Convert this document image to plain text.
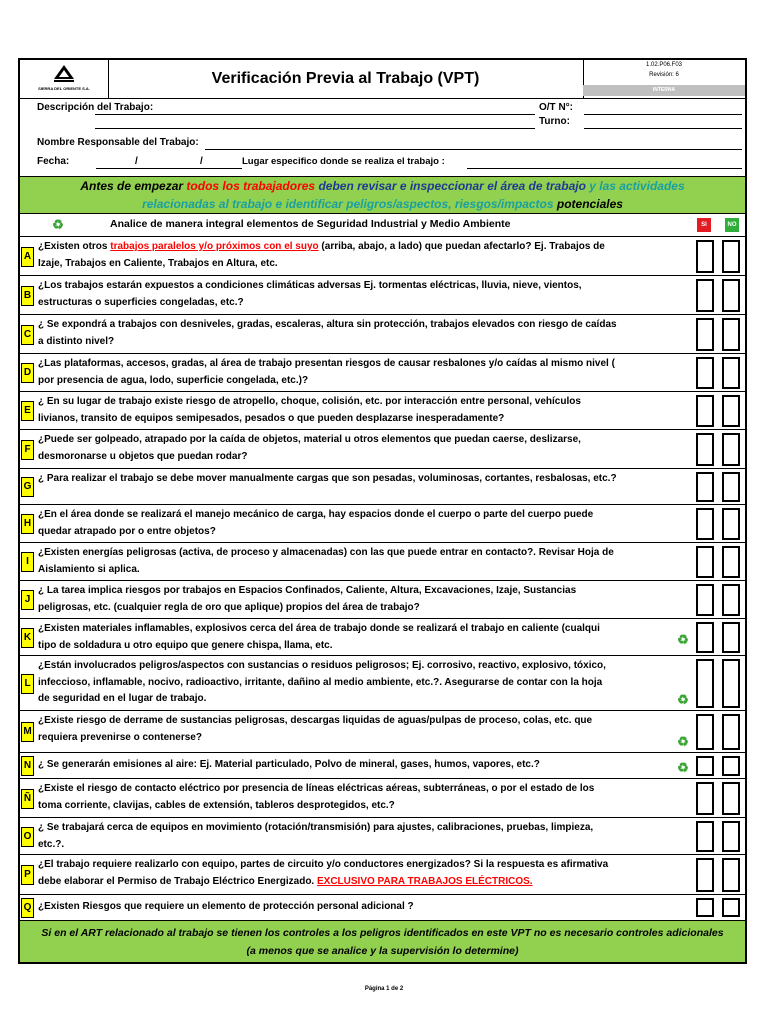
SIERRA DEL ORIENTE S.A.
Verificación Previa al Trabajo (VPT)
1.02.P06.F03
Revisión: 6
INTERNA
Descripción del Trabajo:	O/T N°:
Turno:
Nombre Responsable del Trabajo:
Fecha:	/	/	Lugar especifico donde se realiza el trabajo :
Antes de empezar todos los trabajadores deben revisar e inspeccionar el área de trabajo y las actividades
relacionadas al trabajo e identificar peligros/aspectos, riesgos/impactos potenciales
♻	Analice de manera integral elementos de Seguridad Industrial y Medio Ambiente	SI	NO
A
¿Existen otros trabajos paralelos y/o próximos con el suyo (arriba, abajo, a lado) que puedan afectarlo? Ej. Trabajos de
Izaje, Trabajos en Caliente, Trabajos en Altura, etc.
B
¿Los trabajos estarán expuestos a condiciones climáticas adversas Ej. tormentas eléctricas, lluvia, nieve, vientos,
estructuras o superficies congeladas, etc.?
C
¿ Se expondrá a trabajos con desniveles, gradas, escaleras, altura sin protección, trabajos elevados con riesgo de caídas
a distinto nivel?
D
¿Las plataformas, accesos, gradas, al área de trabajo presentan riesgos de causar resbalones y/o caídas al mismo nivel (
por presencia de agua, lodo, superficie congelada, etc.)?
E
¿ En su lugar de trabajo existe riesgo de atropello, choque, colisión, etc. por interacción entre personal, vehículos
livianos, transito de equipos semipesados, pesados o que pueden desplazarse inesperadamente?
F
¿Puede ser golpeado, atrapado por la caída de objetos, material u otros elementos que puedan caerse, deslizarse,
desmoronarse u objetos que puedan rodar?
G
¿ Para realizar el trabajo se debe mover manualmente cargas que son pesadas, voluminosas, cortantes, resbalosas, etc.?
H
¿En el área donde se realizará el manejo mecánico de carga, hay espacios donde el cuerpo o parte del cuerpo puede
quedar atrapado por o entre objetos?
I
¿Existen energías peligrosas (activa, de proceso y almacenadas) con las que puede entrar en contacto?. Revisar Hoja de
Aislamiento si aplica.
J
¿ La tarea implica riesgos por trabajos en Espacios Confinados, Caliente, Altura, Excavaciones, Izaje, Sustancias
peligrosas, etc. (cualquier regla de oro que aplique) propios del área de trabajo?
K
¿Existen materiales inflamables, explosivos cerca del área de trabajo donde se realizará el trabajo en caliente (cualqui
tipo de soldadura u otro equipo que genere chispa, llama, etc.	♻
L
¿Están involucrados peligros/aspectos con sustancias o residuos peligrosos; Ej. corrosivo, reactivo, explosivo, tóxico,
infeccioso, inflamable, nocivo, radioactivo, irritante, dañino al medio ambiente, etc.?. Asegurarse de contar con la hoja
de seguridad en el lugar de trabajo.	♻
M
¿Existe riesgo de derrame de sustancias peligrosas, descargas liquidas de aguas/pulpas de proceso, colas, etc. que
requiera prevenirse o contenerse?	♻
N ¿ Se generarán emisiones al aire: Ej. Material particulado, Polvo de mineral, gases, humos, vapores, etc.?	♻
Ñ
¿Existe el riesgo de contacto eléctrico por presencia de líneas eléctricas aéreas, subterráneas, o por el estado de los
toma corriente, clavijas, cables de extensión, tableros desprotegidos, etc.?
O
¿ Se trabajará cerca de equipos en movimiento (rotación/transmisión) para ajustes, calibraciones, pruebas, limpieza,
etc.?.
P
¿El trabajo requiere realizarlo con equipo, partes de circuito y/o conductores energizados? Si la respuesta es afirmativa
debe elaborar el Permiso de Trabajo Eléctrico Energizado. EXCLUSIVO PARA TRABAJOS ELÉCTRICOS.
Q ¿Existen Riesgos que requiere un elemento de protección personal adicional ?
Si en el ART relacionado al trabajo se tienen los controles a los peligros identificados en este VPT no es necesario controles adicionales
(a menos que se analice y la supervisión lo determine)
Página 1 de 2
